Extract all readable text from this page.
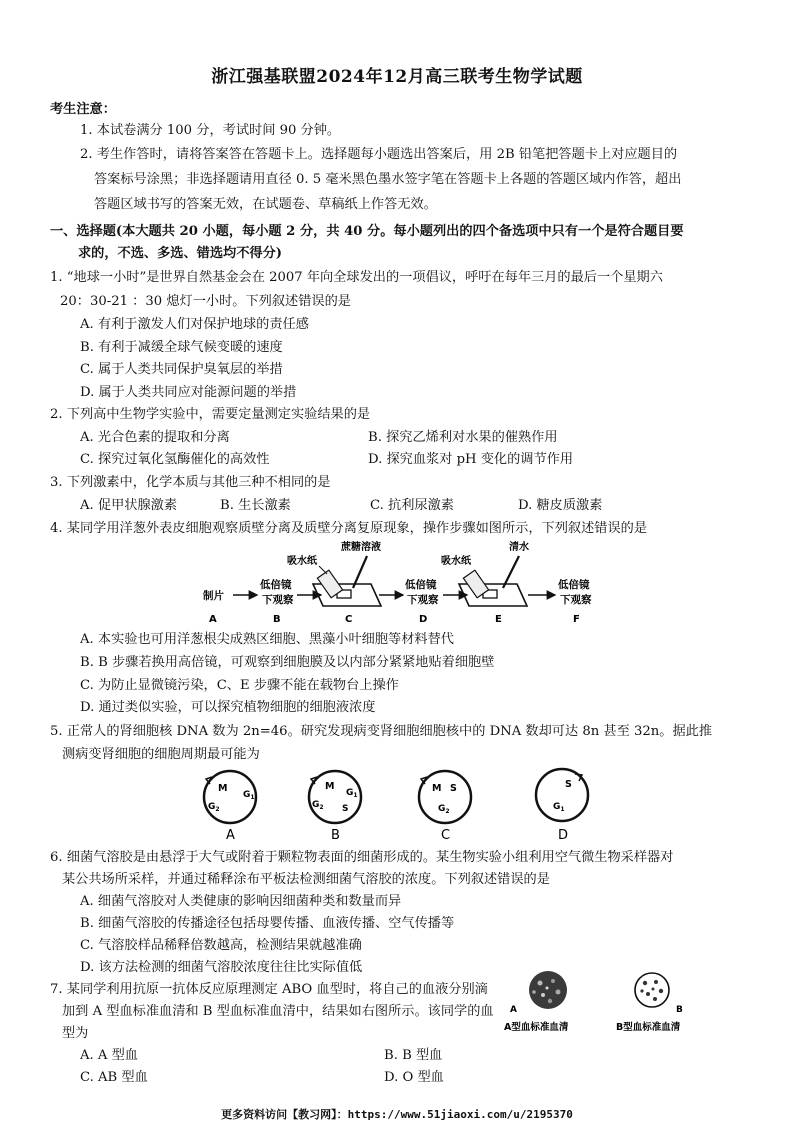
浙江强基联盟2024年12月高三联考生物学试题
考生注意：
1. 本试卷满分 100 分，考试时间 90 分钟。
2. 考生作答时，请将答案答在答题卡上。选择题每小题选出答案后，用 2B 铅笔把答题卡上对应题目的
答案标号涂黑；非选择题请用直径 0. 5 毫米黑色墨水签字笔在答题卡上各题的答题区域内作答，超出
答题区域书写的答案无效，在试题卷、草稿纸上作答无效。
一、选择题(本大题共 20 小题，每小题 2 分，共 40 分。每小题列出的四个备选项中只有一个是符合题目要
求的，不选、多选、错选均不得分)
1. “地球一小时”是世界自然基金会在 2007 年向全球发出的一项倡议，呼吁在每年三月的最后一个星期六
20：30-21 ：30 熄灯一小时。下列叙述错误的是
A. 有利于激发人们对保护地球的责任感
B. 有利于减缓全球气候变暖的速度
C. 属于人类共同保护臭氧层的举措
D. 属于人类共同应对能源问题的举措
2. 下列高中生物学实验中，需要定量测定实验结果的是
A. 光合色素的提取和分离	B. 探究乙烯利对水果的催熟作用
C. 探究过氧化氢酶催化的高效性	D. 探究血浆对 pH 变化的调节作用
3. 下列激素中，化学本质与其他三种不相同的是
A. 促甲状腺激素	B. 生长激素	C. 抗利尿激素	D. 糖皮质激素
4. 某同学用洋葱外表皮细胞观察质壁分离及质壁分离复原现象，操作步骤如图所示，下列叙述错误的是
制片
低倍镜
下观察
低倍镜
下观察
低倍镜
下观察
吸水纸
蔗糖溶液
吸水纸
清水
A	B	C	D	E	F
A. 本实验也可用洋葱根尖成熟区细胞、黑藻小叶细胞等材料替代
B. B 步骤若换用高倍镜，可观察到细胞膜及以内部分紧紧地贴着细胞壁
C. 为防止显微镜污染，C、E 步骤不能在载物台上操作
D. 通过类似实验，可以探究植物细胞的细胞液浓度
5. 正常人的肾细胞核 DNA 数为 2n=46。研究发现病变肾细胞细胞核中的 DNA 数却可达 8n 甚至 32n。据此推
测病变肾细胞的细胞周期最可能为
M
$G_1$
$G_2$
A
M
$G_1$
$G_2$ S
B
M S
$G_2$
C
S
$G_1$
D
6. 细菌气溶胶是由悬浮于大气或附着于颗粒物表面的细菌形成的。某生物实验小组利用空气微生物采样器对
某公共场所采样，并通过稀释涂布平板法检测细菌气溶胶的浓度。下列叙述错误的是
A. 细菌气溶胶对人类健康的影响因细菌种类和数量而异
B. 细菌气溶胶的传播途径包括母婴传播、血液传播、空气传播等
C. 气溶胶样品稀释倍数越高，检测结果就越准确
D. 该方法检测的细菌气溶胶浓度往往比实际值低
7. 某同学利用抗原一抗体反应原理测定 ABO 血型时，将自己的血液分别滴
加到 A 型血标准血清和 B 型血标准血清中，结果如右图所示。该同学的血
型为
A. A 型血	B. B 型血
C. AB 型血	D. O 型血
A	B
A型血标准血清	B型血标准血清
更多资料访问【教习网】：https://www.51jiaoxi.com/u/2195370
